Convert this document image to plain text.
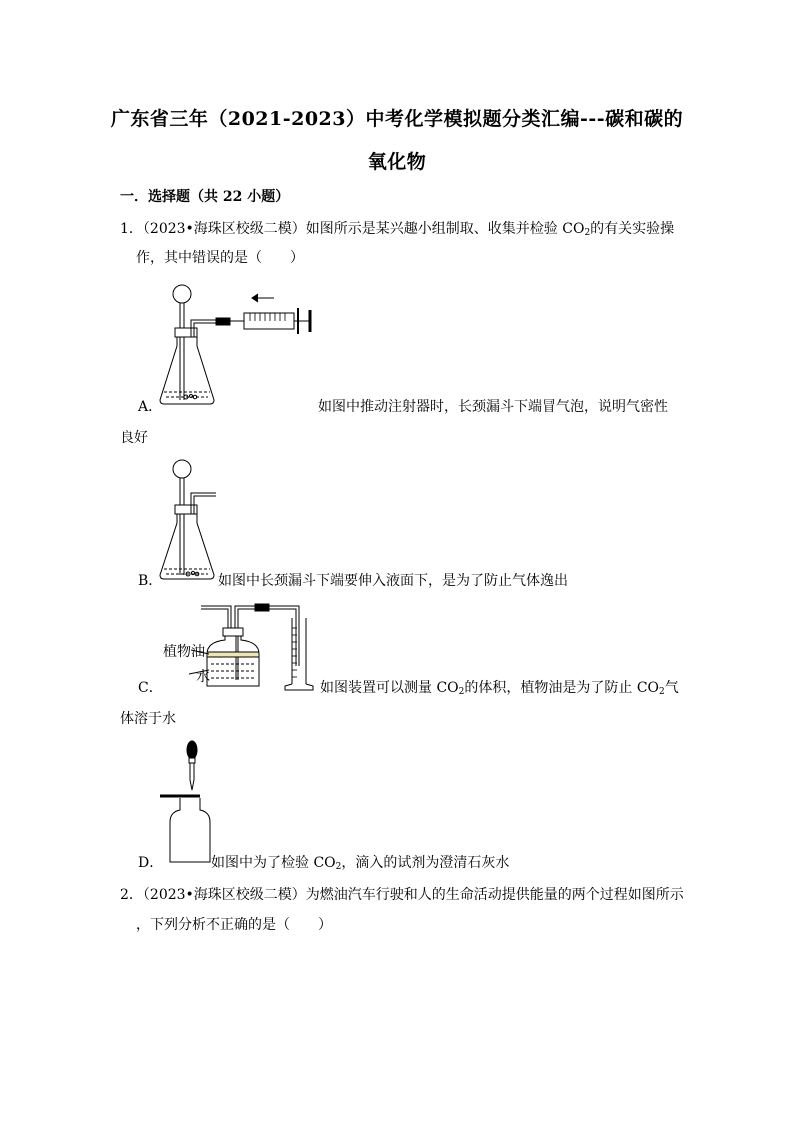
广东省三年（2021-2023）中考化学模拟题分类汇编---碳和碳的
氧化物
一．选择题（共 22 小题）
1．（2023•海珠区校级二模）如图所示是某兴趣小组制取、收集并检验 $CO_2$的有关实验操
作，其中错误的是（　　）
A．	如图中推动注射器时，长颈漏斗下端冒气泡，说明气密性
良好
B．	如图中长颈漏斗下端要伸入液面下，是为了防止气体逸出
植物油
水
C．	如图装置可以测量 $CO_2$的体积，植物油是为了防止 $CO_2$气
体溶于水
D．	如图中为了检验 $CO_2$，滴入的试剂为澄清石灰水
2．（2023•海珠区校级二模）为燃油汽车行驶和人的生命活动提供能量的两个过程如图所示
，下列分析不正确的是（　　）
